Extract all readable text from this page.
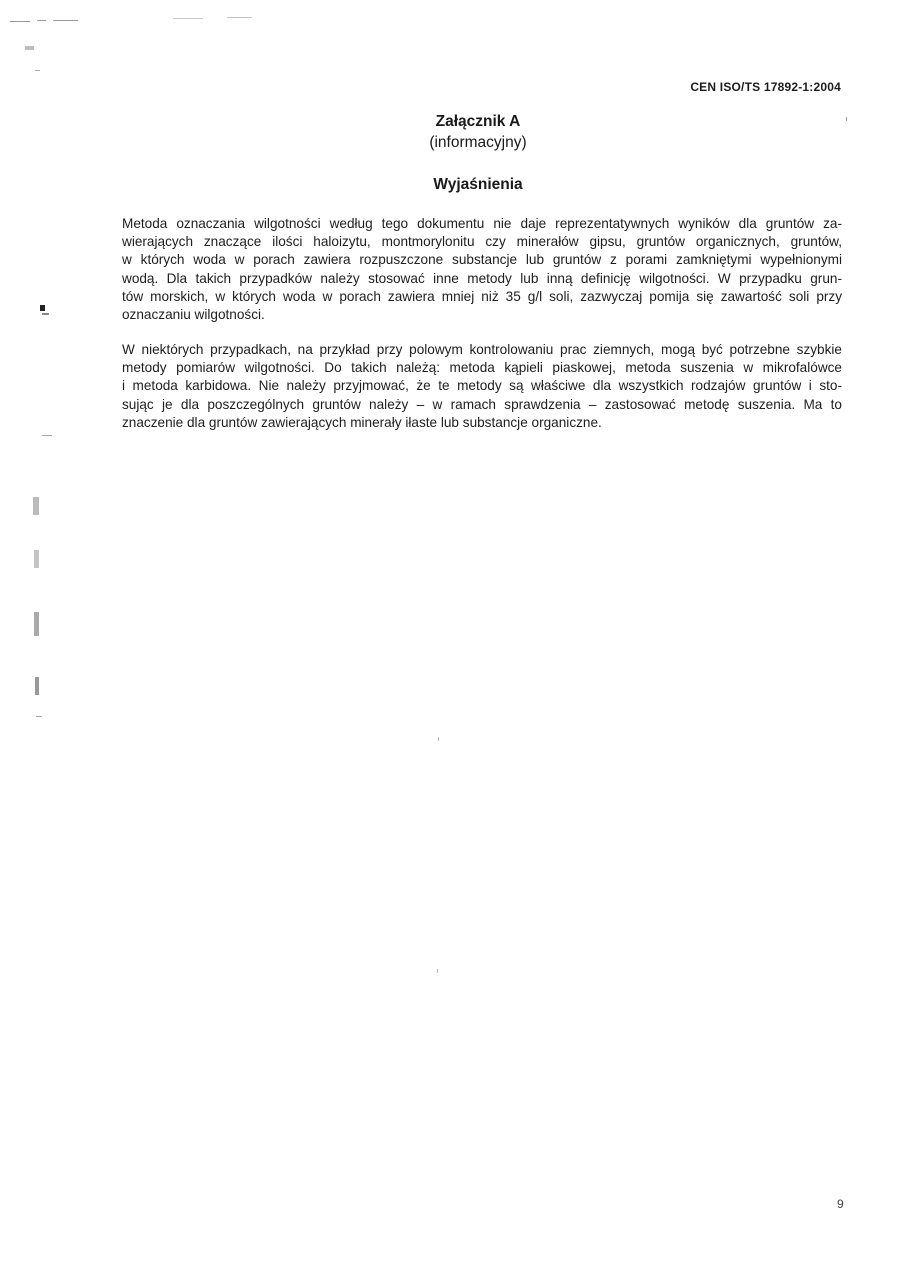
CEN ISO/TS 17892-1:2004
Załącznik A
(informacyjny)
Wyjaśnienia
Metoda oznaczania wilgotności według tego dokumentu nie daje reprezentatywnych wyników dla gruntów za-
wierających znaczące ilości haloizytu, montmorylonitu czy minerałów gipsu, gruntów organicznych, gruntów,
w których woda w porach zawiera rozpuszczone substancje lub gruntów z porami zamkniętymi wypełnionymi
wodą. Dla takich przypadków należy stosować inne metody lub inną definicję wilgotności. W przypadku grun-
tów morskich, w których woda w porach zawiera mniej niż 35 g/l soli, zazwyczaj pomija się zawartość soli przy
oznaczaniu wilgotności.
W niektórych przypadkach, na przykład przy polowym kontrolowaniu prac ziemnych, mogą być potrzebne szybkie
metody pomiarów wilgotności. Do takich należą: metoda kąpieli piaskowej, metoda suszenia w mikrofalówce
i metoda karbidowa. Nie należy przyjmować, że te metody są właściwe dla wszystkich rodzajów gruntów i sto-
sując je dla poszczególnych gruntów należy – w ramach sprawdzenia – zastosować metodę suszenia. Ma to
znaczenie dla gruntów zawierających minerały iłaste lub substancje organiczne.
9
